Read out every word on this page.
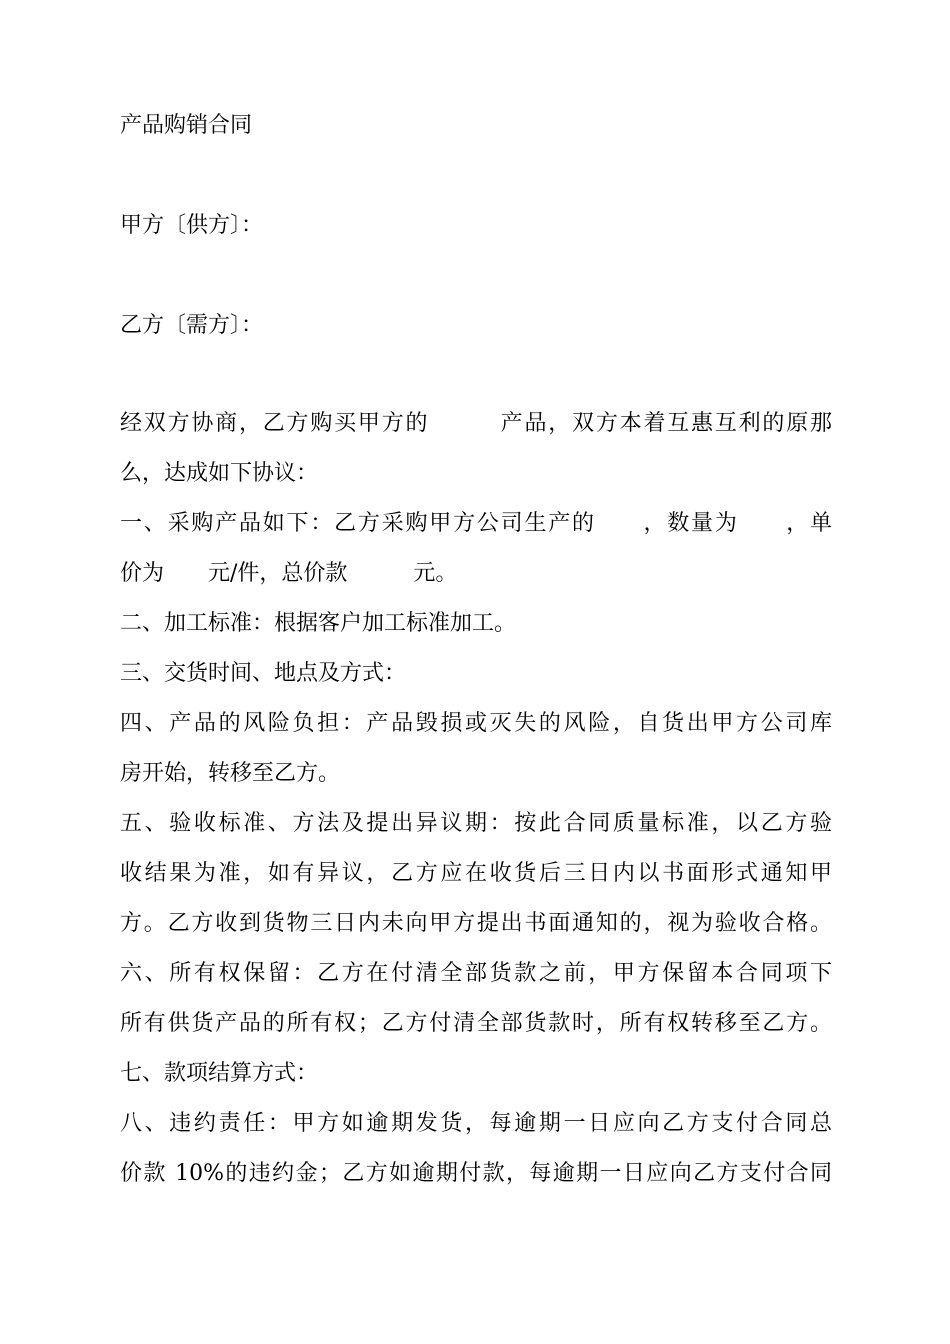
产品购销合同
甲方〔供方〕：
乙方〔需方〕：
经双方协商，乙方购买甲方的　　　产品，双方本着互惠互利的原那
么，达成如下协议：
一、采购产品如下：乙方采购甲方公司生产的　　，数量为　　，单
价为　　元/件，总价款　　　元。
二、加工标准：根据客户加工标准加工。
三、交货时间、地点及方式：
四、产品的风险负担：产品毁损或灭失的风险，自货出甲方公司库
房开始，转移至乙方。
五、验收标准、方法及提出异议期：按此合同质量标准，以乙方验
收结果为准，如有异议，乙方应在收货后三日内以书面形式通知甲
方。乙方收到货物三日内未向甲方提出书面通知的，视为验收合格。
六、所有权保留：乙方在付清全部货款之前，甲方保留本合同项下
所有供货产品的所有权；乙方付清全部货款时，所有权转移至乙方。
七、款项结算方式：
八、违约责任：甲方如逾期发货，每逾期一日应向乙方支付合同总
价款 10%的违约金；乙方如逾期付款，每逾期一日应向乙方支付合同
